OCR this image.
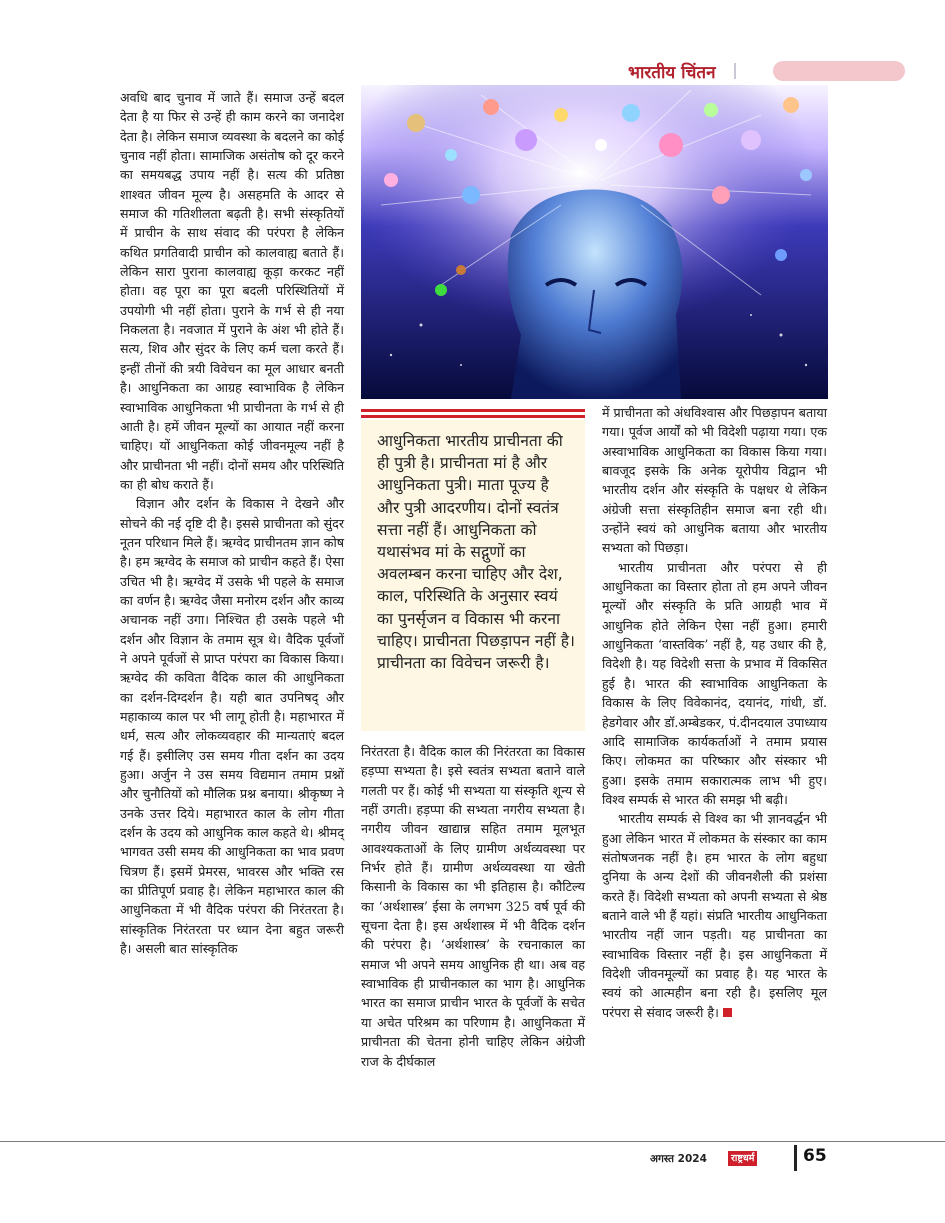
भारतीय चिंतन

अवधि बाद चुनाव में जाते हैं। समाज उन्हें बदल देता है या फिर से उन्हें ही काम करने का जनादेश देता है। लेकिन समाज व्यवस्था के बदलने का कोई चुनाव नहीं होता। सामाजिक असंतोष को दूर करने का समयबद्ध उपाय नहीं है। सत्य की प्रतिष्ठा शाश्वत जीवन मूल्य है। असहमति के आदर से समाज की गतिशीलता बढ़ती है। सभी संस्कृतियों में प्राचीन के साथ संवाद की परंपरा है लेकिन कथित प्रगतिवादी प्राचीन को कालवाह्य बताते हैं। लेकिन सारा पुराना कालवाह्य कूड़ा करकट नहीं होता। वह पूरा का पूरा बदली परिस्थितियों में उपयोगी भी नहीं होता। पुराने के गर्भ से ही नया निकलता है। नवजात में पुराने के अंश भी होते हैं। सत्य, शिव और सुंदर के लिए कर्म चला करते हैं। इन्हीं तीनों की त्रयी विवेचन का मूल आधार बनती है। आधुनिकता का आग्रह स्वाभाविक है लेकिन स्वाभाविक आधुनिकता भी प्राचीनता के गर्भ से ही आती है। हमें जीवन मूल्यों का आयात नहीं करना चाहिए। यों आधुनिकता कोई जीवनमूल्य नहीं है और प्राचीनता भी नहीं। दोनों समय और परिस्थिति का ही बोध कराते हैं।

विज्ञान और दर्शन के विकास ने देखने और सोचने की नई दृष्टि दी है। इससे प्राचीनता को सुंदर नूतन परिधान मिले हैं। ऋग्वेद प्राचीनतम ज्ञान कोष है। हम ऋग्वेद के समाज को प्राचीन कहते हैं। ऐसा उचित भी है। ऋग्वेद में उसके भी पहले के समाज का वर्णन है। ऋग्वेद जैसा मनोरम दर्शन और काव्य अचानक नहीं उगा। निश्चित ही उसके पहले भी दर्शन और विज्ञान के तमाम सूत्र थे। वैदिक पूर्वजों ने अपने पूर्वजों से प्राप्त परंपरा का विकास किया। ऋग्वेद की कविता वैदिक काल की आधुनिकता का दर्शन-दिग्दर्शन है। यही बात उपनिषद् और महाकाव्य काल पर भी लागू होती है। महाभारत में धर्म, सत्य और लोकव्यवहार की मान्यताएं बदल गई हैं। इसीलिए उस समय गीता दर्शन का उदय हुआ। अर्जुन ने उस समय विद्यमान तमाम प्रश्नों और चुनौतियों को मौलिक प्रश्न बनाया। श्रीकृष्ण ने उनके उत्तर दिये। महाभारत काल के लोग गीता दर्शन के उदय को आधुनिक काल कहते थे। श्रीमद् भागवत उसी समय की आधुनिकता का भाव प्रवण चित्रण हैं। इसमें प्रेमरस, भावरस और भक्ति रस का प्रीतिपूर्ण प्रवाह है। लेकिन महाभारत काल की आधुनिकता में भी वैदिक परंपरा की निरंतरता है। सांस्कृतिक निरंतरता पर ध्यान देना बहुत जरूरी है। असली बात सांस्कृतिक

आधुनिकता भारतीय प्राचीनता की ही पुत्री है। प्राचीनता मां है और आधुनिकता पुत्री। माता पूज्य है और पुत्री आदरणीय। दोनों स्वतंत्र सत्ता नहीं हैं। आधुनिकता को यथासंभव मां के सद्गुणों का अवलम्बन करना चाहिए और देश, काल, परिस्थिति के अनुसार स्वयं का पुनर्सृजन व विकास भी करना चाहिए। प्राचीनता पिछड़ापन नहीं है। प्राचीनता का विवेचन जरूरी है।

निरंतरता है। वैदिक काल की निरंतरता का विकास हड़प्पा सभ्यता है। इसे स्वतंत्र सभ्यता बताने वाले गलती पर हैं। कोई भी सभ्यता या संस्कृति शून्य से नहीं उगती। हड़प्पा की सभ्यता नगरीय सभ्यता है। नगरीय जीवन खाद्यान्न सहित तमाम मूलभूत आवश्यकताओं के लिए ग्रामीण अर्थव्यवस्था पर निर्भर होते हैं। ग्रामीण अर्थव्यवस्था या खेती किसानी के विकास का भी इतिहास है। कौटिल्य का ‘अर्थशास्त्र’ ईसा के लगभग 325 वर्ष पूर्व की सूचना देता है। इस अर्थशास्त्र में भी वैदिक दर्शन की परंपरा है। ‘अर्थशास्त्र’ के रचनाकाल का समाज भी अपने समय आधुनिक ही था। अब वह स्वाभाविक ही प्राचीनकाल का भाग है। आधुनिक भारत का समाज प्राचीन भारत के पूर्वजों के सचेत या अचेत परिश्रम का परिणाम है। आधुनिकता में प्राचीनता की चेतना होनी चाहिए लेकिन अंग्रेजी राज के दीर्घकाल

में प्राचीनता को अंधविश्वास और पिछड़ापन बताया गया। पूर्वज आर्यों को भी विदेशी पढ़ाया गया। एक अस्वाभाविक आधुनिकता का विकास किया गया। बावजूद इसके कि अनेक यूरोपीय विद्वान भी भारतीय दर्शन और संस्कृति के पक्षधर थे लेकिन अंग्रेजी सत्ता संस्कृतिहीन समाज बना रही थी। उन्होंने स्वयं को आधुनिक बताया और भारतीय सभ्यता को पिछड़ा।

भारतीय प्राचीनता और परंपरा से ही आधुनिकता का विस्तार होता तो हम अपने जीवन मूल्यों और संस्कृति के प्रति आग्रही भाव में आधुनिक होते लेकिन ऐसा नहीं हुआ। हमारी आधुनिकता ‘वास्तविक’ नहीं है, यह उधार की है, विदेशी है। यह विदेशी सत्ता के प्रभाव में विकसित हुई है। भारत की स्वाभाविक आधुनिकता के विकास के लिए विवेकानंद, दयानंद, गांधी, डॉ. हेडगेवार और डॉ.अम्बेडकर, पं.दीनदयाल उपाध्याय आदि सामाजिक कार्यकर्ताओं ने तमाम प्रयास किए। लोकमत का परिष्कार और संस्कार भी हुआ। इसके तमाम सकारात्मक लाभ भी हुए। विश्व सम्पर्क से भारत की समझ भी बढ़ी।

भारतीय सम्पर्क से विश्व का भी ज्ञानवर्द्धन भी हुआ लेकिन भारत में लोकमत के संस्कार का काम संतोषजनक नहीं है। हम भारत के लोग बहुधा दुनिया के अन्य देशों की जीवनशैली की प्रशंसा करते हैं। विदेशी सभ्यता को अपनी सभ्यता से श्रेष्ठ बताने वाले भी हैं यहां। संप्रति भारतीय आधुनिकता भारतीय नहीं जान पड़ती। यह प्राचीनता का स्वाभाविक विस्तार नहीं है। इस आधुनिकता में विदेशी जीवनमूल्यों का प्रवाह है। यह भारत के स्वयं को आत्महीन बना रही है। इसलिए मूल परंपरा से संवाद जरूरी है।

अगस्त 2024	राष्ट्रधर्म	65
